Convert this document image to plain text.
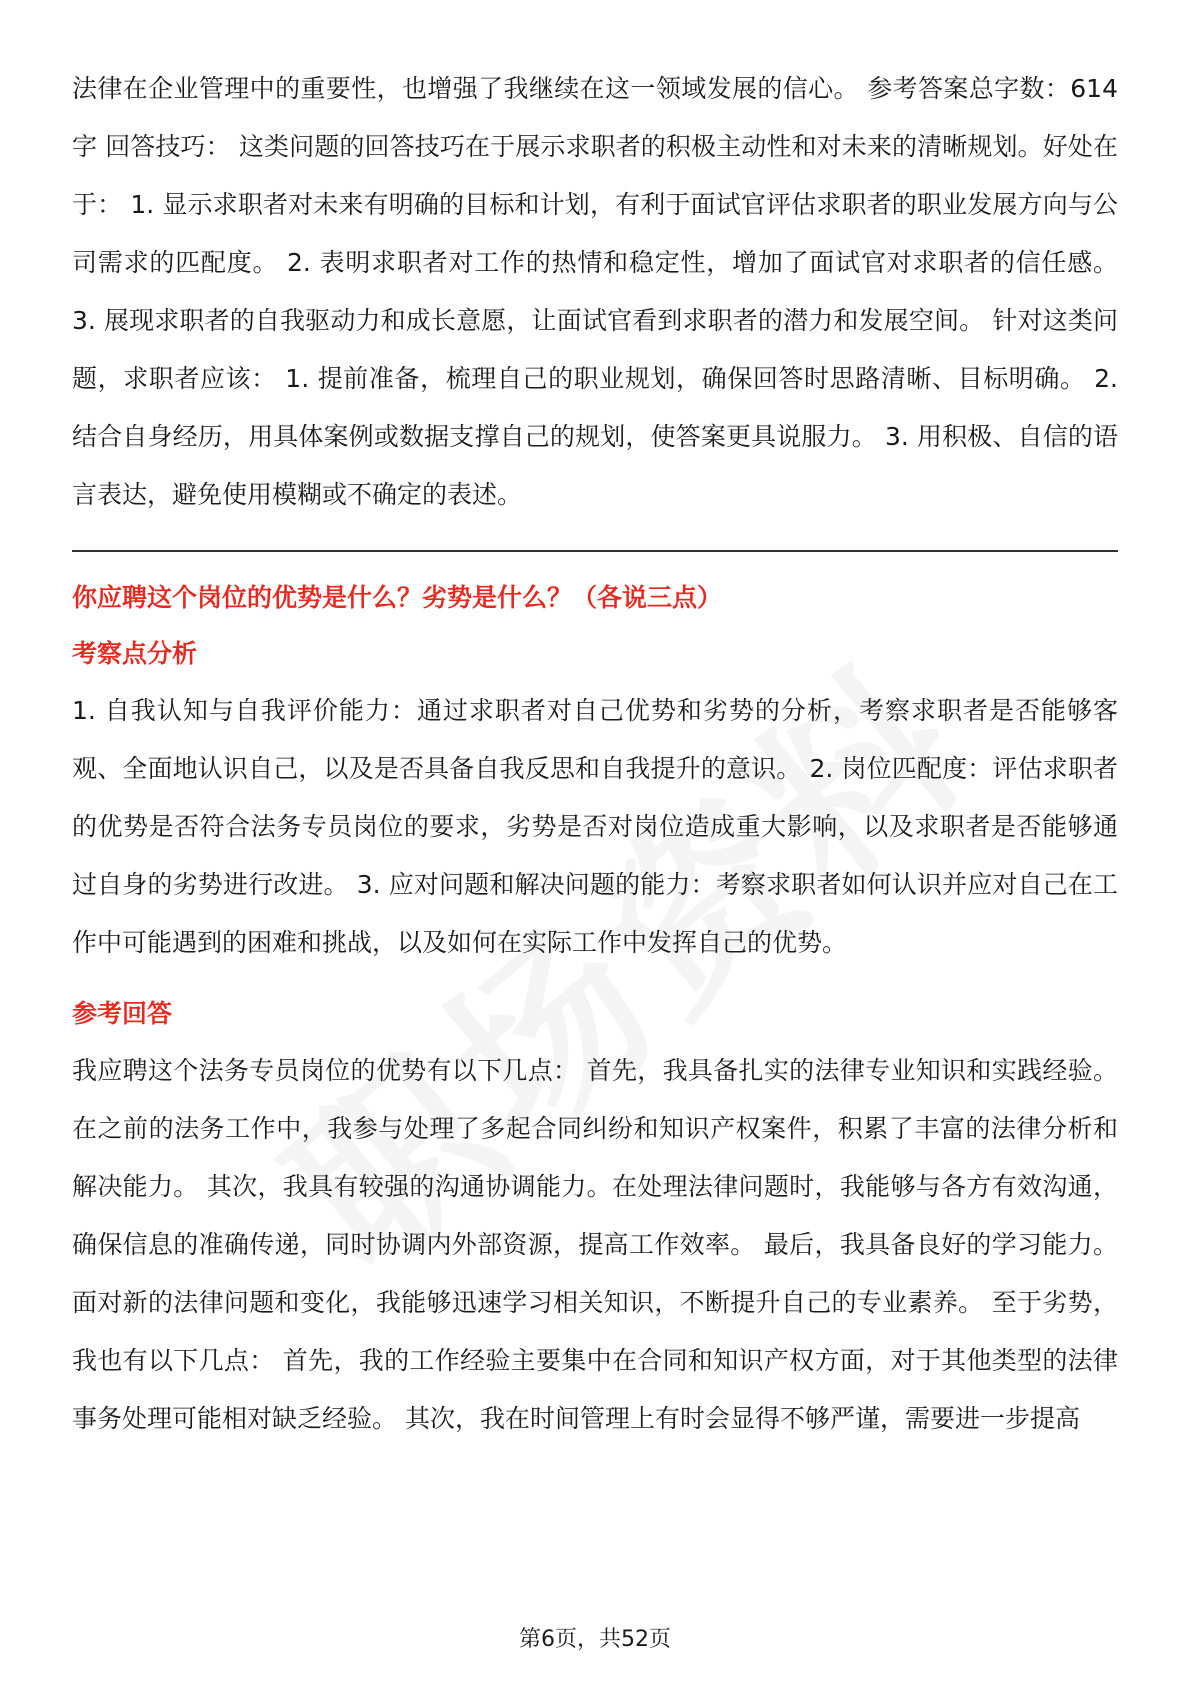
法律在企业管理中的重要性，也增强了我继续在这一领域发展的信心。 参考答案总字数：614字 回答技巧： 这类问题的回答技巧在于展示求职者的积极主动性和对未来的清晰规划。好处在于： 1. 显示求职者对未来有明确的目标和计划，有利于面试官评估求职者的职业发展方向与公司需求的匹配度。 2. 表明求职者对工作的热情和稳定性，增加了面试官对求职者的信任感。 3. 展现求职者的自我驱动力和成长意愿，让面试官看到求职者的潜力和发展空间。 针对这类问题，求职者应该： 1. 提前准备，梳理自己的职业规划，确保回答时思路清晰、目标明确。 2. 结合自身经历，用具体案例或数据支撑自己的规划，使答案更具说服力。 3. 用积极、自信的语言表达，避免使用模糊或不确定的表述。

你应聘这个岗位的优势是什么？劣势是什么？（各说三点）

考察点分析

1. 自我认知与自我评价能力：通过求职者对自己优势和劣势的分析，考察求职者是否能够客观、全面地认识自己，以及是否具备自我反思和自我提升的意识。 2. 岗位匹配度：评估求职者的优势是否符合法务专员岗位的要求，劣势是否对岗位造成重大影响，以及求职者是否能够通过自身的劣势进行改进。 3. 应对问题和解决问题的能力：考察求职者如何认识并应对自己在工作中可能遇到的困难和挑战，以及如何在实际工作中发挥自己的优势。

参考回答

我应聘这个法务专员岗位的优势有以下几点： 首先，我具备扎实的法律专业知识和实践经验。在之前的法务工作中，我参与处理了多起合同纠纷和知识产权案件，积累了丰富的法律分析和解决能力。 其次，我具有较强的沟通协调能力。在处理法律问题时，我能够与各方有效沟通，确保信息的准确传递，同时协调内外部资源，提高工作效率。 最后，我具备良好的学习能力。面对新的法律问题和变化，我能够迅速学习相关知识，不断提升自己的专业素养。 至于劣势，我也有以下几点： 首先，我的工作经验主要集中在合同和知识产权方面，对于其他类型的法律事务处理可能相对缺乏经验。 其次，我在时间管理上有时会显得不够严谨，需要进一步提高

第6页，共52页
